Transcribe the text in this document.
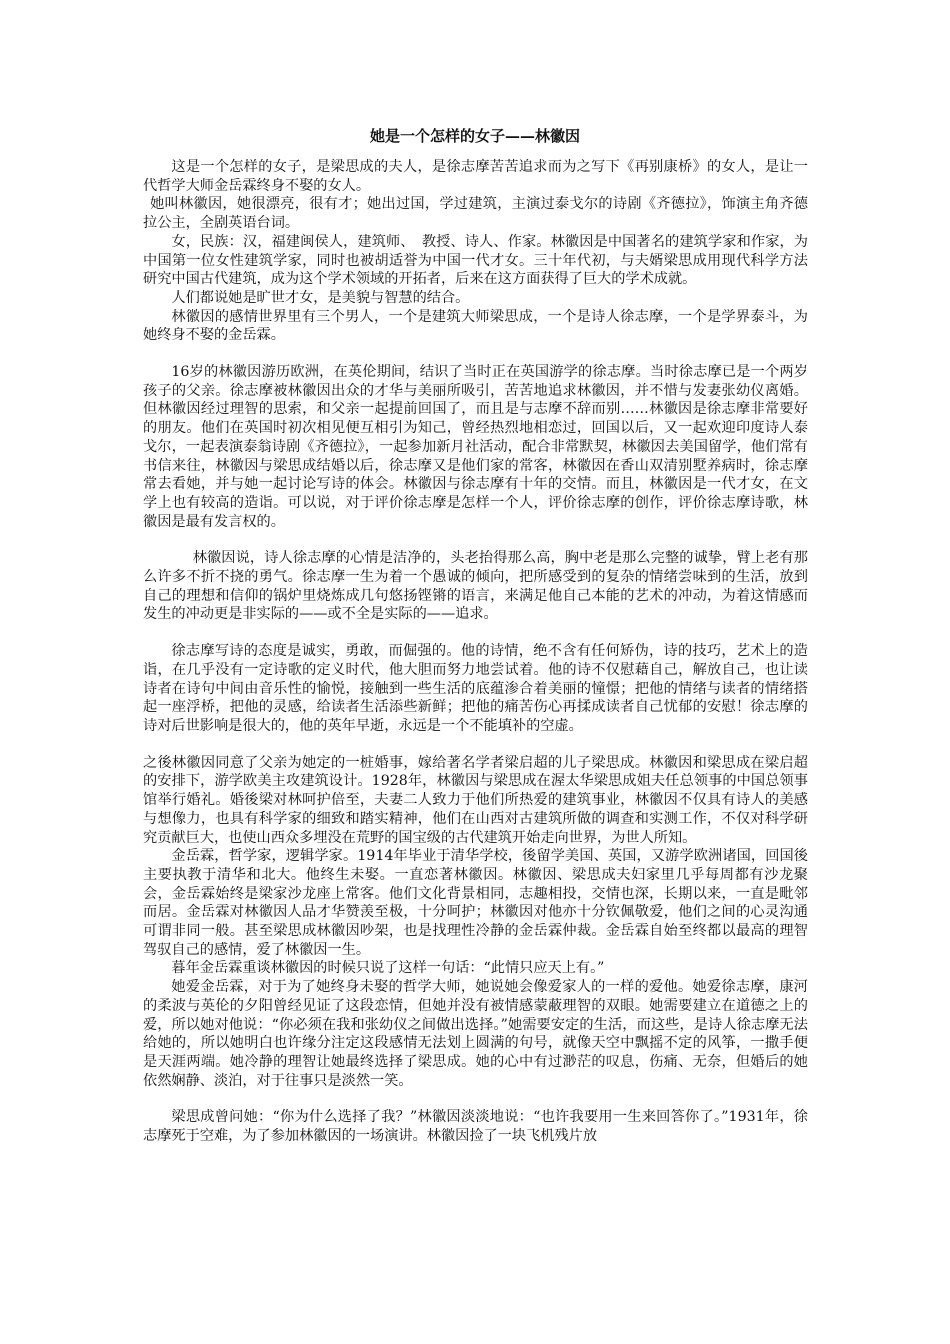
她是一个怎样的女子——林徽因

这是一个怎样的女子，是梁思成的夫人，是徐志摩苦苦追求而为之写下《再别康桥》的女人，是让一代哲学大师金岳霖终身不娶的女人。

她叫林徽因，她很漂亮，很有才；她出过国，学过建筑，主演过泰戈尔的诗剧《齐德拉》，饰演主角齐德拉公主，全剧英语台词。

女，民族：汉，福建闽侯人，建筑师、　教授、诗人、作家。林徽因是中国著名的建筑学家和作家，为中国第一位女性建筑学家，同时也被胡适誉为中国一代才女。三十年代初，与夫婿梁思成用现代科学方法研究中国古代建筑，成为这个学术领域的开拓者，后来在这方面获得了巨大的学术成就。

人们都说她是旷世才女，是美貌与智慧的结合。

林徽因的感情世界里有三个男人，一个是建筑大师梁思成，一个是诗人徐志摩，一个是学界泰斗，为她终身不娶的金岳霖。

16岁的林徽因游历欧洲，在英伦期间，结识了当时正在英国游学的徐志摩。当时徐志摩已是一个两岁孩子的父亲。徐志摩被林徽因出众的才华与美丽所吸引，苦苦地追求林徽因，并不惜与发妻张幼仪离婚。但林徽因经过理智的思索，和父亲一起提前回国了，而且是与志摩不辞而别……林徽因是徐志摩非常要好的朋友。他们在英国时初次相见便互相引为知己，曾经热烈地相恋过，回国以后，又一起欢迎印度诗人泰戈尔，一起表演泰翁诗剧《齐德拉》，一起参加新月社活动，配合非常默契，林徽因去美国留学，他们常有书信来往，林徽因与梁思成结婚以后，徐志摩又是他们家的常客，林徽因在香山双清别墅养病时，徐志摩常去看她，并与她一起讨论写诗的体会。林徽因与徐志摩有十年的交情。而且，林徽因是一代才女，在文学上也有较高的造诣。可以说，对于评价徐志摩是怎样一个人，评价徐志摩的创作，评价徐志摩诗歌，林徽因是最有发言权的。

林徽因说，诗人徐志摩的心情是洁净的，头老抬得那么高，胸中老是那么完整的诚挚，臂上老有那么许多不折不挠的勇气。徐志摩一生为着一个愚诚的倾向，把所感受到的复杂的情绪尝味到的生活，放到自己的理想和信仰的锅炉里烧炼成几句悠扬铿锵的语言，来满足他自己本能的艺术的冲动，为着这情感而发生的冲动更是非实际的——或不全是实际的——追求。

徐志摩写诗的态度是诚实，勇敢，而倔强的。他的诗情，绝不含有任何矫伪，诗的技巧，艺术上的造诣，在几乎没有一定诗歌的定义时代，他大胆而努力地尝试着。他的诗不仅慰藉自己，解放自己，也让读诗者在诗句中间由音乐性的愉悦，接触到一些生活的底蕴渗合着美丽的憧憬；把他的情绪与读者的情绪搭起一座浮桥，把他的灵感，给读者生活添些新鲜；把他的痛苦伤心再揉成读者自己忧郁的安慰！徐志摩的诗对后世影响是很大的，他的英年早逝，永远是一个不能填补的空虚。

之後林徽因同意了父亲为她定的一桩婚事，嫁给著名学者梁启超的儿子梁思成。林徽因和梁思成在梁启超的安排下，游学欧美主攻建筑设计。1928年，林徽因与梁思成在渥太华梁思成姐夫任总领事的中国总领事馆举行婚礼。婚後梁对林呵护倍至，夫妻二人致力于他们所热爱的建筑事业，林徽因不仅具有诗人的美感与想像力，也具有科学家的细致和踏实精神，他们在山西对古建筑所做的调查和实测工作，不仅对科学研究贡献巨大，也使山西众多埋没在荒野的国宝级的古代建筑开始走向世界，为世人所知。

金岳霖，哲学家，逻辑学家。1914年毕业于清华学校，後留学美国、英国，又游学欧洲诸国，回国後主要执教于清华和北大。他终生未娶。一直恋著林徽因。林徽因、梁思成夫妇家里几乎每周都有沙龙聚会，金岳霖始终是梁家沙龙座上常客。他们文化背景相同，志趣相投，交情也深，长期以来，一直是毗邻而居。金岳霖对林徽因人品才华赞羡至极，十分呵护；林徽因对他亦十分钦佩敬爱，他们之间的心灵沟通可谓非同一般。甚至梁思成林徽因吵架，也是找理性冷静的金岳霖仲裁。金岳霖自始至终都以最高的理智驾驭自己的感情，爱了林徽因一生。

暮年金岳霖重谈林徽因的时候只说了这样一句话：“此情只应天上有。”

她爱金岳霖，对于为了她终身未娶的哲学大师，她说她会像爱家人的一样的爱他。她爱徐志摩，康河的柔波与英伦的夕阳曾经见证了这段恋情，但她并没有被情感蒙蔽理智的双眼。她需要建立在道德之上的爱，所以她对他说：“你必须在我和张幼仪之间做出选择。”她需要安定的生活，而这些，是诗人徐志摩无法给她的，所以她明白也许缘分注定这段感情无法划上圆满的句号，就像天空中飘摇不定的风筝，一撒手便是天涯两端。她冷静的理智让她最终选择了梁思成。她的心中有过渺茫的叹息，伤痛、无奈，但婚后的她依然娴静、淡泊，对于往事只是淡然一笑。

梁思成曾问她：“你为什么选择了我？”林徽因淡淡地说：“也许我要用一生来回答你了。”1931年，徐志摩死于空难，为了参加林徽因的一场演讲。林徽因捡了一块飞机残片放
